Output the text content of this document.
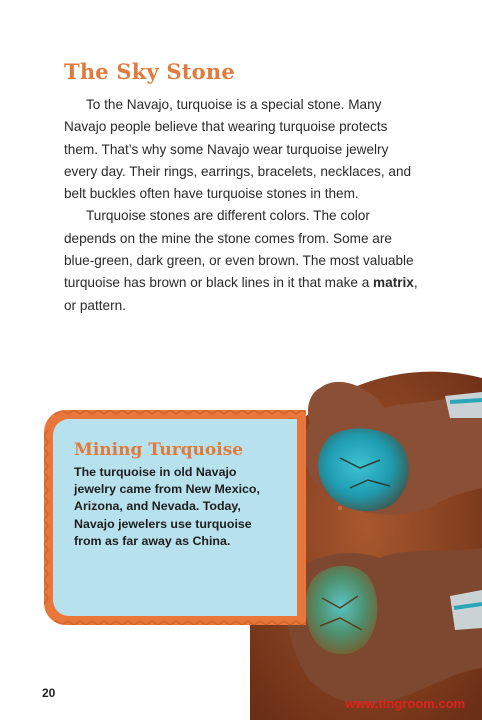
The Sky Stone

To the Navajo, turquoise is a special stone. Many Navajo people believe that wearing turquoise protects them. That’s why some Navajo wear turquoise jewelry every day. Their rings, earrings, bracelets, necklaces, and belt buckles often have turquoise stones in them.

Turquoise stones are different colors. The color depends on the mine the stone comes from. Some are blue-green, dark green, or even brown. The most valuable turquoise has brown or black lines in it that make a matrix, or pattern.

Mining Turquoise
The turquoise in old Navajo jewelry came from New Mexico, Arizona, and Nevada. Today, Navajo jewelers use turquoise from as far away as China.
20
www.tingroom.com
